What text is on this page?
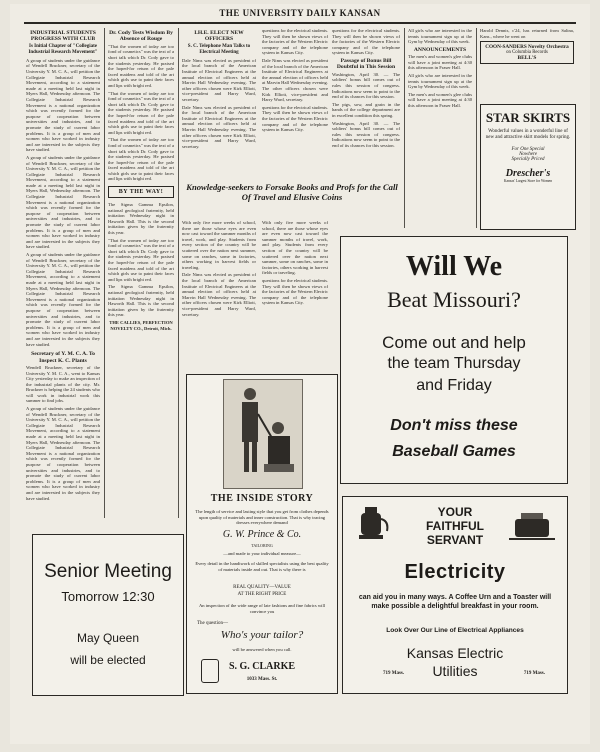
THE UNIVERSITY DAILY KANSAN
INDUSTRIAL STUDENTS PROGRESS WITH CLUB
Is Initial Chapter of "Collegiate Industrial Research Movement"

A group of students under the guidance of Wendell Bruckner, secretary of the University Y. M. C. A., will petition the Collegiate Industrial Research Movement, according to a statement made at a meeting held last night in Myers Hall, Wednesday afternoon. The Collegiate Industrial Research Movement is a national organization which was recently formed for the purpose of cooperation between universities and industries, and to promote the study of current labor problems. It is a group of men and women who have worked in industry and are interested in the subjects they have studied.

A group of students under the guidance of Wendell Bruckner, secretary of the University Y. M. C. A., will petition the Collegiate Industrial Research Movement, according to a statement made at a meeting held last night in Myers Hall, Wednesday afternoon. The Collegiate Industrial Research Movement is a national organization which was recently formed for the purpose of cooperation between universities and industries, and to promote the study of current labor problems. It is a group of men and women who have worked in industry and are interested in the subjects they have studied.

A group of students under the guidance of Wendell Bruckner, secretary of the University Y. M. C. A., will petition the Collegiate Industrial Research Movement, according to a statement made at a meeting held last night in Myers Hall, Wednesday afternoon. The Collegiate Industrial Research Movement is a national organization which was recently formed for the purpose of cooperation between universities and industries, and to promote the study of current labor problems. It is a group of men and women who have worked in industry and are interested in the subjects they have studied.

Secretary of Y. M. C. A. To Inspect K. C. Plants

Wendell Bruckner, secretary of the University Y. M. C. A., went to Kansas City yesterday to make an inspection of the industrial plants of the city. Mr. Bruckner is helping the 24 students who will work in industrial work this summer to find jobs.

A group of students under the guidance of Wendell Bruckner, secretary of the University Y. M. C. A., will petition the Collegiate Industrial Research Movement, according to a statement made at a meeting held last night in Myers Hall, Wednesday afternoon. The Collegiate Industrial Research Movement is a national organization which was recently formed for the purpose of cooperation between universities and industries, and to promote the study of current labor problems. It is a group of men and women who have worked in industry and are interested in the subjects they have studied.

Dr. Cody Tests Wisdom By Absence of Rouge

"That the women of today are too fond of cosmetics" was the text of a short talk which Dr. Cody gave to the students yesterday. He praised the hoped-for return of the pale faced maidens and told of the art which girls use to paint their faces and lips with bright red.

"That the women of today are too fond of cosmetics" was the text of a short talk which Dr. Cody gave to the students yesterday. He praised the hoped-for return of the pale faced maidens and told of the art which girls use to paint their faces and lips with bright red.

"That the women of today are too fond of cosmetics" was the text of a short talk which Dr. Cody gave to the students yesterday. He praised the hoped-for return of the pale faced maidens and told of the art which girls use to paint their faces and lips with bright red.

BY THE WAY!

The Sigma Gamma Epsilon, national geological fraternity, held initiation Wednesday night in Haworth Hall. This is the second initiation given by the fraternity this year.

"That the women of today are too fond of cosmetics" was the text of a short talk which Dr. Cody gave to the students yesterday. He praised the hoped-for return of the pale faced maidens and told of the art which girls use to paint their faces and lips with bright red.

The Sigma Gamma Epsilon, national geological fraternity, held initiation Wednesday night in Haworth Hall. This is the second initiation given by the fraternity this year.

THE CALLIES, PERFECTION NOVELTY CO., Detroit, Mich.

I.H.E. ELECT NEW OFFICERS
S. C. Telephone Man Talks to Electrical Meeting

Dale Nims was elected as president of the local branch of the American Institute of Electrical Engineers at the annual election of officers held at Marvin Hall Wednesday evening. The other officers chosen were Kirk Elliott, vice-president and Harry Ward, secretary.

Dale Nims was elected as president of the local branch of the American Institute of Electrical Engineers at the annual election of officers held at Marvin Hall Wednesday evening. The other officers chosen were Kirk Elliott, vice-president and Harry Ward, secretary.

questions for the electrical students. They will then be shown views of the factories of the Western Electric company and of the telephone system in Kansas City.

Dale Nims was elected as president of the local branch of the American Institute of Electrical Engineers at the annual election of officers held at Marvin Hall Wednesday evening. The other officers chosen were Kirk Elliott, vice-president and Harry Ward, secretary.

questions for the electrical students. They will then be shown views of the factories of the Western Electric company and of the telephone system in Kansas City.

questions for the electrical students. They will then be shown views of the factories of the Western Electric company and of the telephone system in Kansas City.

Passage of Bonus Bill Doubtful in This Session

Washington, April 30. — The soldiers' bonus bill comes out of rules this session of congress. Indications now seem to point to the end of its chances for this session.

The pigs, sow, and grain in the hands of the college department are in excellent condition this spring.

Washington, April 30. — The soldiers' bonus bill comes out of rules this session of congress. Indications now seem to point to the end of its chances for this session.

All girls who are interested in the tennis tournament sign up at the Gym by Wednesday of this week.

ANNOUNCEMENTS

The men's and women's glee clubs will have a joint meeting at 4:30 this afternoon in Fraser Hall.

All girls who are interested in the tennis tournament sign up at the Gym by Wednesday of this week.

The men's and women's glee clubs will have a joint meeting at 4:30 this afternoon in Fraser Hall.

Harold Dennis, c'24, has returned from Salina, Kans., where he went on

COON-SANDERS Novelty Orchestra
on Columbia Records
BELL'S
STAR SKIRTS
Wonderful values in a wonderful line of new and attractive skirt models for spring.
For One Special
Nowhere
Specially Priced
Drescher's
Kansas' Largest Store for Women
Knowledge-seekers to Forsake Books and Profs for the Call Of Travel and Elusive Coins

With only five more weeks of school, there are those whose eyes are even now cast toward the summer months of travel, work, and play. Students from every section of the country will be scattered over the nation next summer, some on ranches, some in factories, others working in harvest fields or traveling.

Dale Nims was elected as president of the local branch of the American Institute of Electrical Engineers at the annual election of officers held at Marvin Hall Wednesday evening. The other officers chosen were Kirk Elliott, vice-president and Harry Ward, secretary.

With only five more weeks of school, there are those whose eyes are even now cast toward the summer months of travel, work, and play. Students from every section of the country will be scattered over the nation next summer, some on ranches, some in factories, others working in harvest fields or traveling.

questions for the electrical students. They will then be shown views of the factories of the Western Electric company and of the telephone system in Kansas City.

Will We
Beat Missouri?
Come out and help
the team Thursday
and Friday
Don't miss these
Baseball Games
THE INSIDE STORY
The length of service and lasting style that you get from clothes depends upon quality of materials and inner construction. That is why tracing dresses everywhere demand
G. W. Prince & Co.
TAILORING
—and made to your individual measure—
Every detail in the handiwork of skilled specialists using the best quality of materials inside and out. That is why there is
REAL QUALITY—VALUE
AT THE RIGHT PRICE
An inspection of the wide range of late fashions and fine fabrics will convince you
The question—
Who's your tailor?
will be answered when you call.
S. G. CLARKE
1033 Mass. St.
Senior Meeting
Tomorrow 12:30
May Queen
will be elected
YOUR
FAITHFUL
SERVANT
Electricity
can aid you in many ways. A Coffee Urn and a Toaster will make possible a delightful breakfast in your room.
Look Over Our Line of Electrical Appliances
Kansas Electric
Utilities
719 Mass.	719 Mass.
